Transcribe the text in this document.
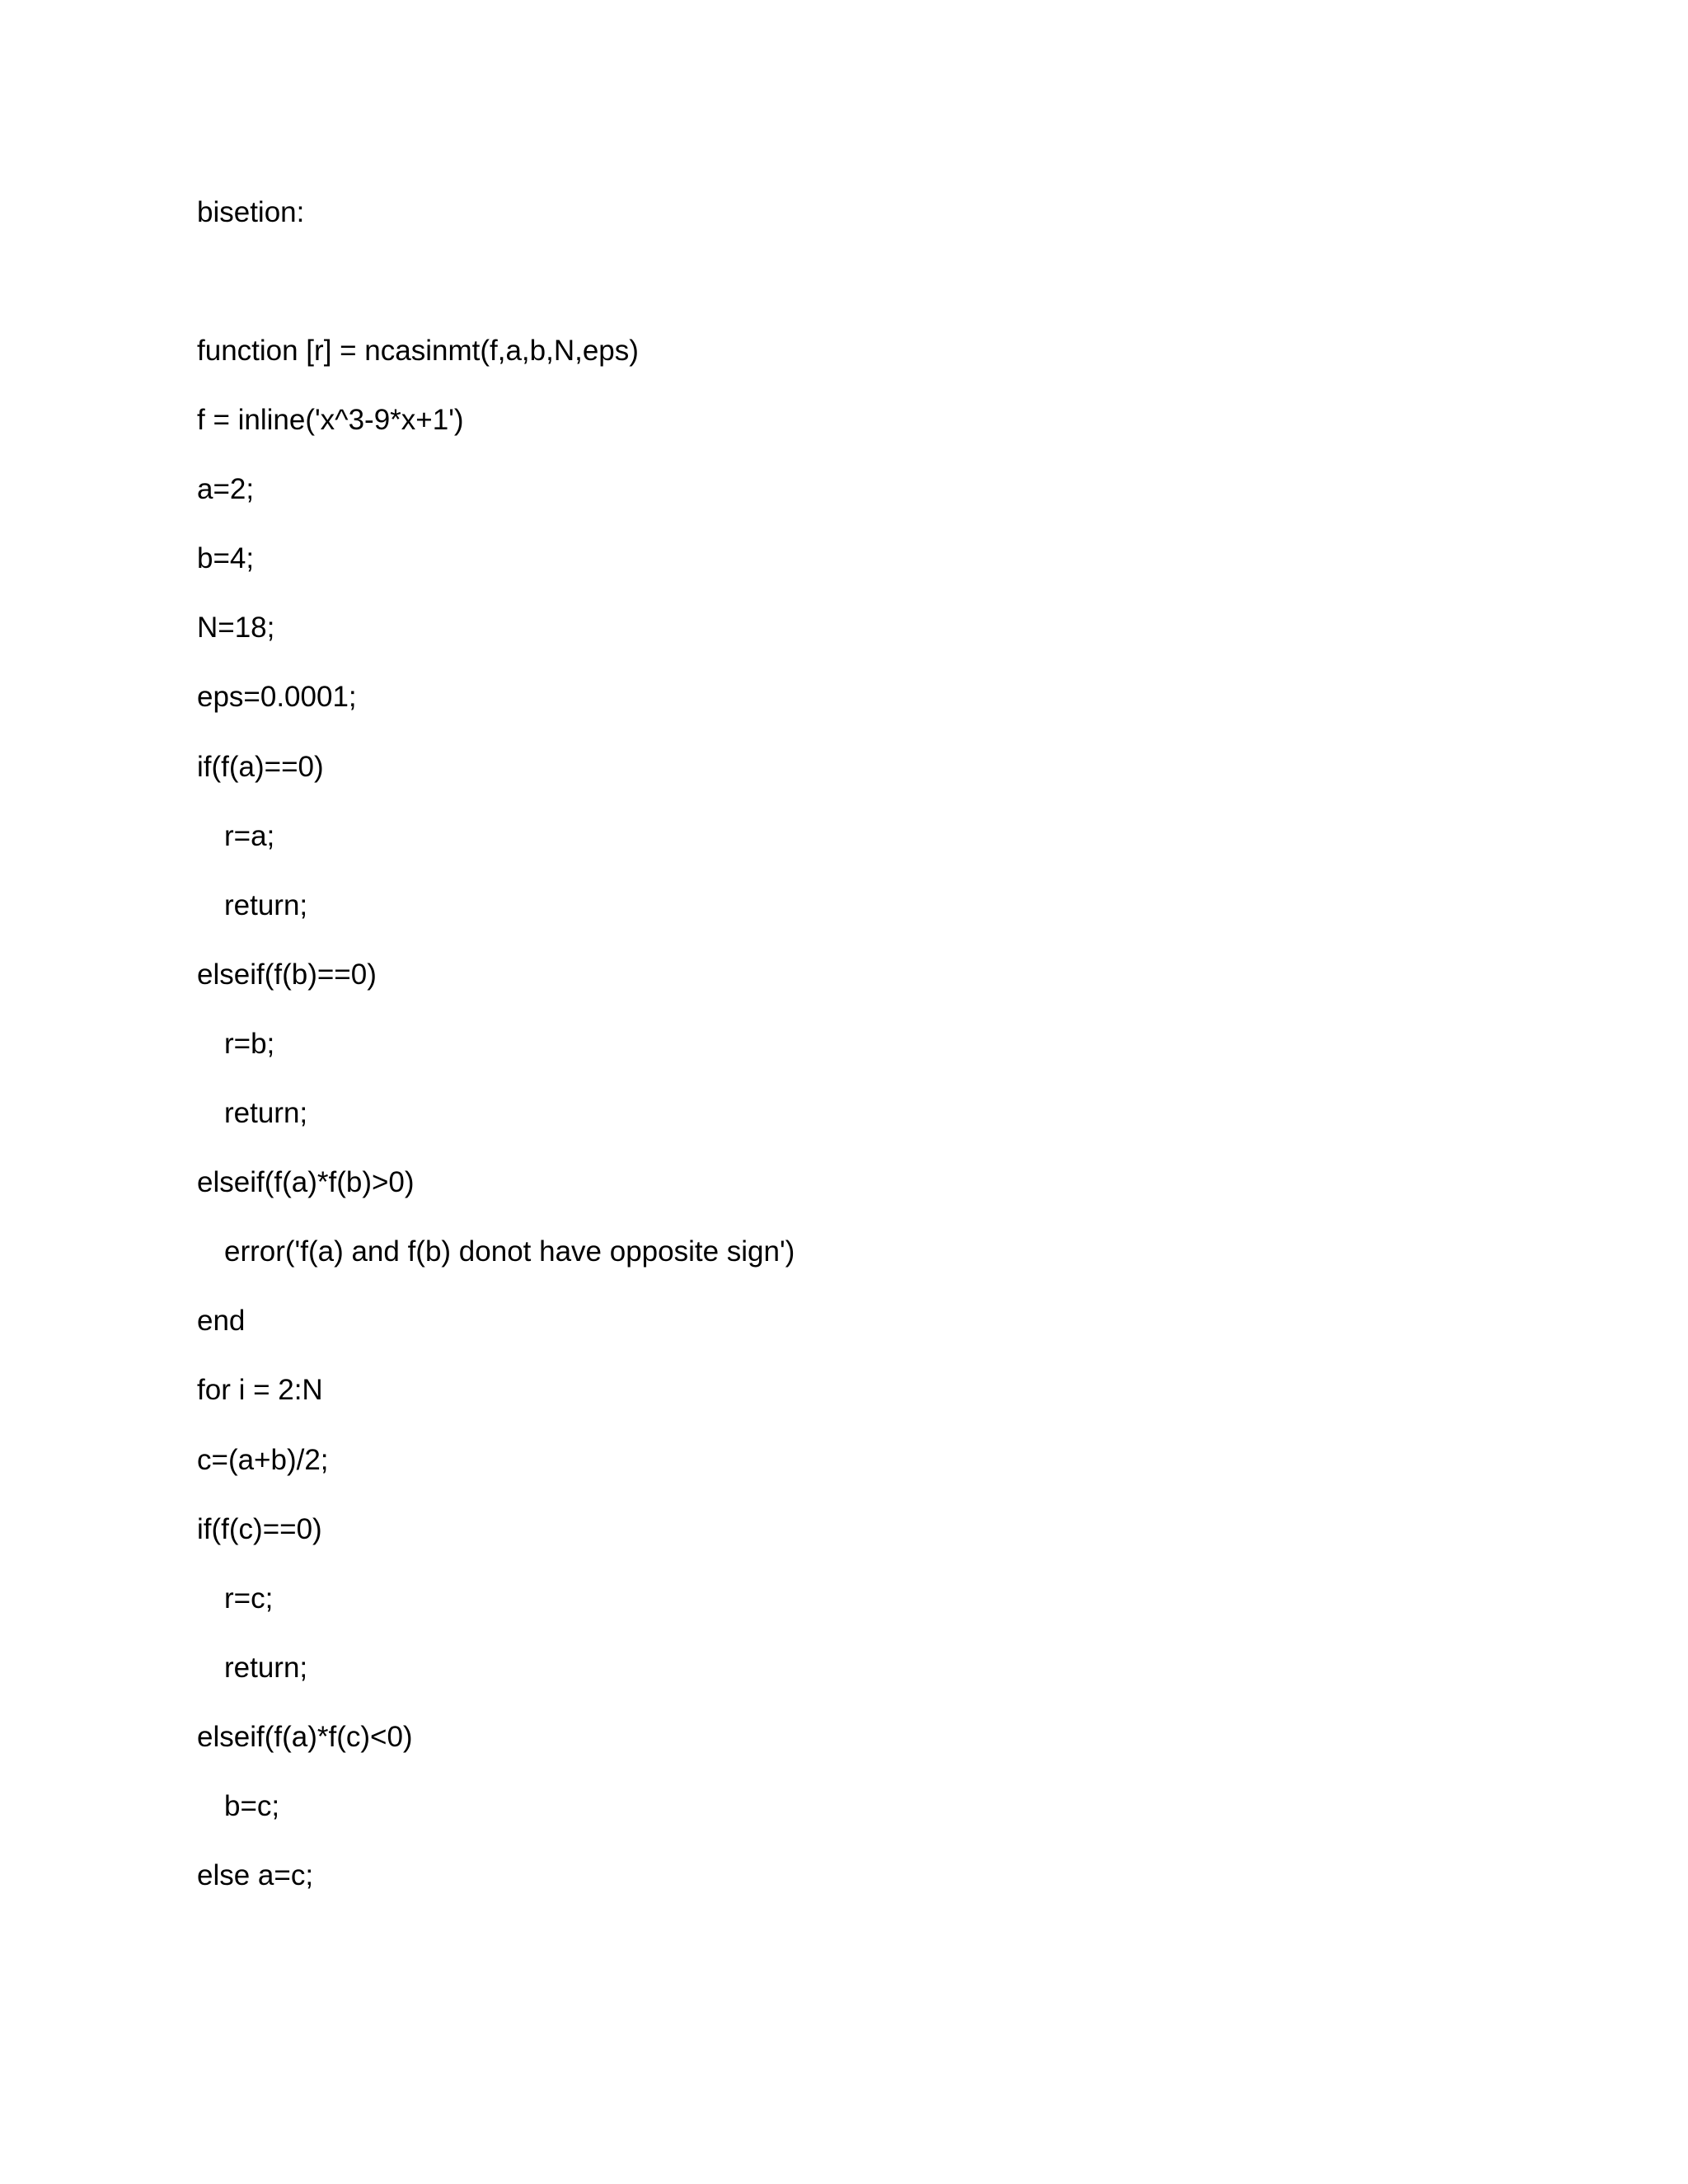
bisetion:
function [r] = ncasinmt(f,a,b,N,eps)
f = inline('x^3-9*x+1')
a=2;
b=4;
N=18;
eps=0.0001;
if(f(a)==0)
r=a;
return;
elseif(f(b)==0)
r=b;
return;
elseif(f(a)*f(b)>0)
error('f(a) and f(b) donot have opposite sign')
end
for i = 2:N
c=(a+b)/2;
if(f(c)==0)
r=c;
return;
elseif(f(a)*f(c)<0)
b=c;
else a=c;
